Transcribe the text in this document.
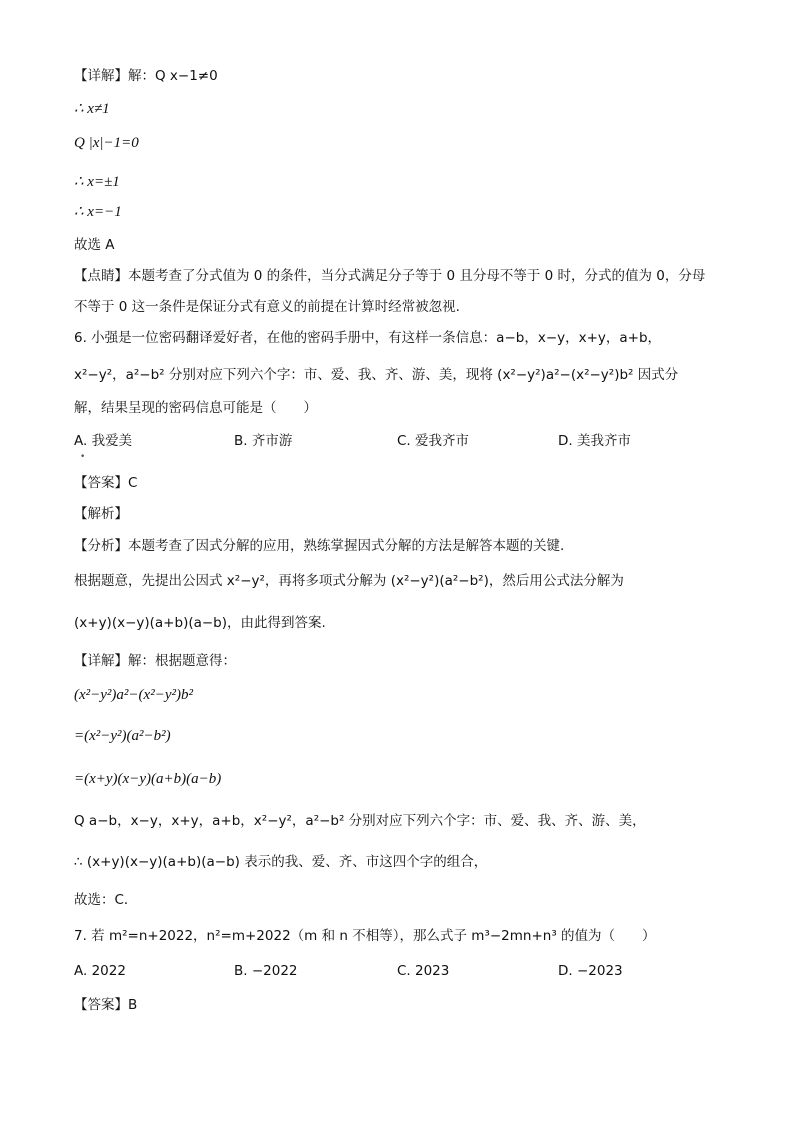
【详解】解：Q x−1≠0
∴ x≠1
Q |x|−1=0
∴ x=±1
∴ x=−1
故选 A
【点睛】本题考查了分式值为 0 的条件，当分式满足分子等于 0 且分母不等于 0 时，分式的值为 0，分母
不等于 0 这一条件是保证分式有意义的前提在计算时经常被忽视.
6. 小强是一位密码翻译爱好者，在他的密码手册中，有这样一条信息：a−b，x−y，x+y，a+b，
x²−y²，a²−b² 分别对应下列六个字：市、爱、我、齐、游、美，现将 (x²−y²)a²−(x²−y²)b² 因式分
解，结果呈现的密码信息可能是（　　）
A. 我爱美	B. 齐市游	C. 爱我齐市	D. 美我齐市
•
【答案】C
【解析】
【分析】本题考查了因式分解的应用，熟练掌握因式分解的方法是解答本题的关键.
根据题意，先提出公因式 x²−y²，再将多项式分解为 (x²−y²)(a²−b²)，然后用公式法分解为
(x+y)(x−y)(a+b)(a−b)，由此得到答案.
【详解】解：根据题意得：
(x²−y²)a²−(x²−y²)b²
=(x²−y²)(a²−b²)
=(x+y)(x−y)(a+b)(a−b)
Q a−b，x−y，x+y，a+b，x²−y²，a²−b² 分别对应下列六个字：市、爱、我、齐、游、美，
∴ (x+y)(x−y)(a+b)(a−b) 表示的我、爱、齐、市这四个字的组合，
故选：C．
7. 若 m²=n+2022，n²=m+2022（m 和 n 不相等），那么式子 m³−2mn+n³ 的值为（　　）
A. 2022	B. −2022	C. 2023	D. −2023
【答案】B
